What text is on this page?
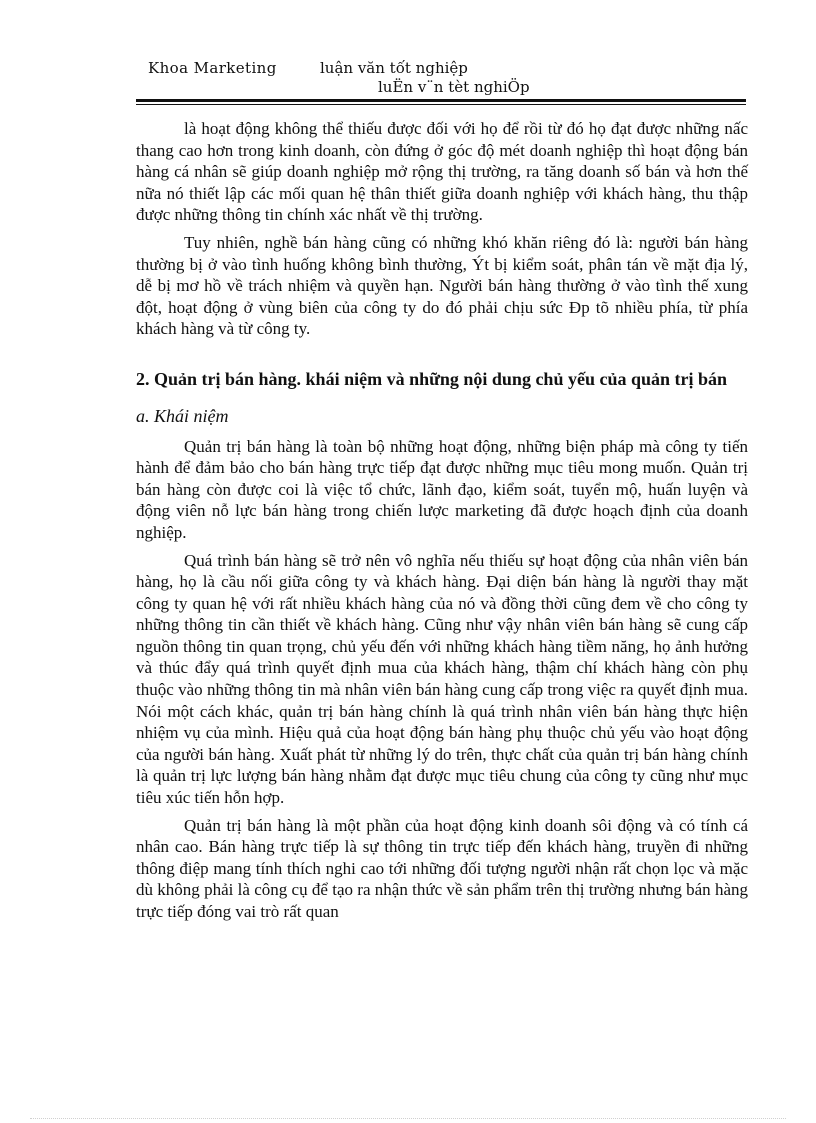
Khoa Marketing	luận văn tốt nghiệp
luËn v¨n tèt nghiÖp

là hoạt động không thể thiếu được đối với họ để rồi từ đó họ đạt được những nấc thang cao hơn trong kinh doanh, còn đứng ở góc độ mét doanh nghiệp thì hoạt động bán hàng cá nhân sẽ giúp doanh nghiệp mở rộng thị trường, ra tăng doanh số bán và hơn thế nữa nó thiết lập các mối quan hệ thân thiết giữa doanh nghiệp với khách hàng, thu thập được những thông tin chính xác nhất về thị trường.

Tuy nhiên, nghề bán hàng cũng có những khó khăn riêng đó là: người bán hàng thường bị ở vào tình huống không bình thường, Ýt bị kiểm soát, phân tán về mặt địa lý, dễ bị mơ hồ về trách nhiệm và quyền hạn. Người bán hàng thường ở vào tình thế xung đột, hoạt động ở vùng biên của công ty do đó phải chịu sức Ðp tõ nhiều phía, từ phía khách hàng và từ công ty.

2. Quản trị bán hàng. khái niệm và những nội dung chủ yếu của quản trị bán
a. Khái niệm

Quản trị bán hàng là toàn bộ những hoạt động, những biện pháp mà công ty tiến hành để đảm bảo cho bán hàng trực tiếp đạt được những mục tiêu mong muốn. Quản trị bán hàng còn được coi là việc tổ chức, lãnh đạo, kiểm soát, tuyển mộ, huấn luyện và động viên nỗ lực bán hàng trong chiến lược marketing đã được hoạch định của doanh nghiệp.

Quá trình bán hàng sẽ trở nên vô nghĩa nếu thiếu sự hoạt động của nhân viên bán hàng, họ là cầu nối giữa công ty và khách hàng. Đại diện bán hàng là người thay mặt công ty quan hệ với rất nhiều khách hàng của nó và đồng thời cũng đem về cho công ty những thông tin cần thiết về khách hàng. Cũng như vậy nhân viên bán hàng sẽ cung cấp nguồn thông tin quan trọng, chủ yếu đến với những khách hàng tiềm năng, họ ảnh hưởng và thúc đẩy quá trình quyết định mua của khách hàng, thậm chí khách hàng còn phụ thuộc vào những thông tin mà nhân viên bán hàng cung cấp trong việc ra quyết định mua. Nói một cách khác, quản trị bán hàng chính là quá trình nhân viên bán hàng thực hiện nhiệm vụ của mình. Hiệu quả của hoạt động bán hàng phụ thuộc chủ yếu vào hoạt động của người bán hàng. Xuất phát từ những lý do trên, thực chất của quản trị bán hàng chính là quản trị lực lượng bán hàng nhằm đạt được mục tiêu chung của công ty cũng như mục tiêu xúc tiến hỗn hợp.

Quản trị bán hàng là một phần của hoạt động kinh doanh sôi động và có tính cá nhân cao. Bán hàng trực tiếp là sự thông tin trực tiếp đến khách hàng, truyền đi những thông điệp mang tính thích nghi cao tới những đối tượng người nhận rất chọn lọc và mặc dù không phải là công cụ để tạo ra nhận thức về sản phẩm trên thị trường nhưng bán hàng trực tiếp đóng vai trò rất quan
